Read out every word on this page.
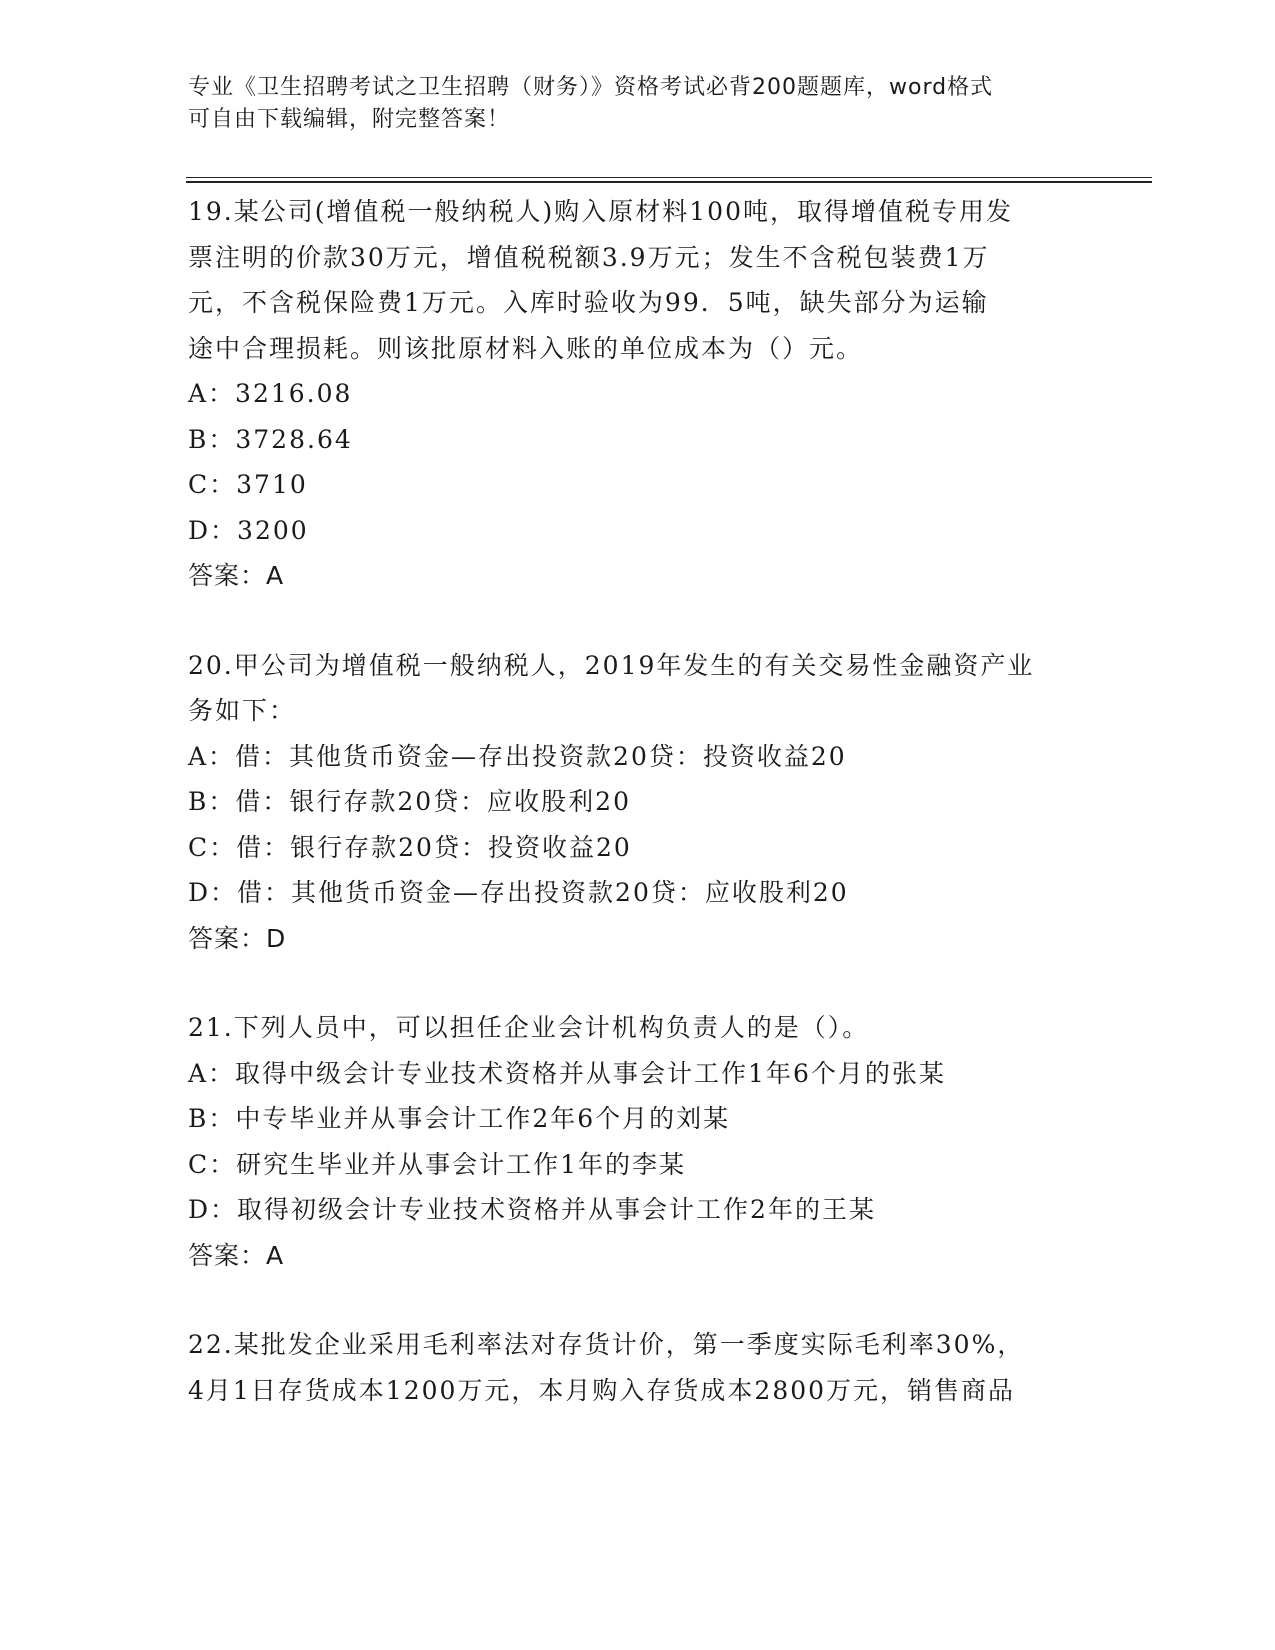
专业《卫生招聘考试之卫生招聘（财务）》资格考试必背200题题库，word格式
可自由下载编辑，附完整答案！
19.某公司(增值税一般纳税人)购入原材料100吨，取得增值税专用发
票注明的价款30万元，增值税税额3.9万元；发生不含税包装费1万
元，不含税保险费1万元。入库时验收为99．5吨，缺失部分为运输
途中合理损耗。则该批原材料入账的单位成本为（）元。
A：3216.08
B：3728.64
C：3710
D：3200
答案：A
20.甲公司为增值税一般纳税人，2019年发生的有关交易性金融资产业
务如下：
A：借：其他货币资金—存出投资款20贷：投资收益20
B：借：银行存款20贷：应收股利20
C：借：银行存款20贷：投资收益20
D：借：其他货币资金—存出投资款20贷：应收股利20
答案：D
21.下列人员中，可以担任企业会计机构负责人的是（）。
A：取得中级会计专业技术资格并从事会计工作1年6个月的张某
B：中专毕业并从事会计工作2年6个月的刘某
C：研究生毕业并从事会计工作1年的李某
D：取得初级会计专业技术资格并从事会计工作2年的王某
答案：A
22.某批发企业采用毛利率法对存货计价，第一季度实际毛利率30%，
4月1日存货成本1200万元，本月购入存货成本2800万元，销售商品
